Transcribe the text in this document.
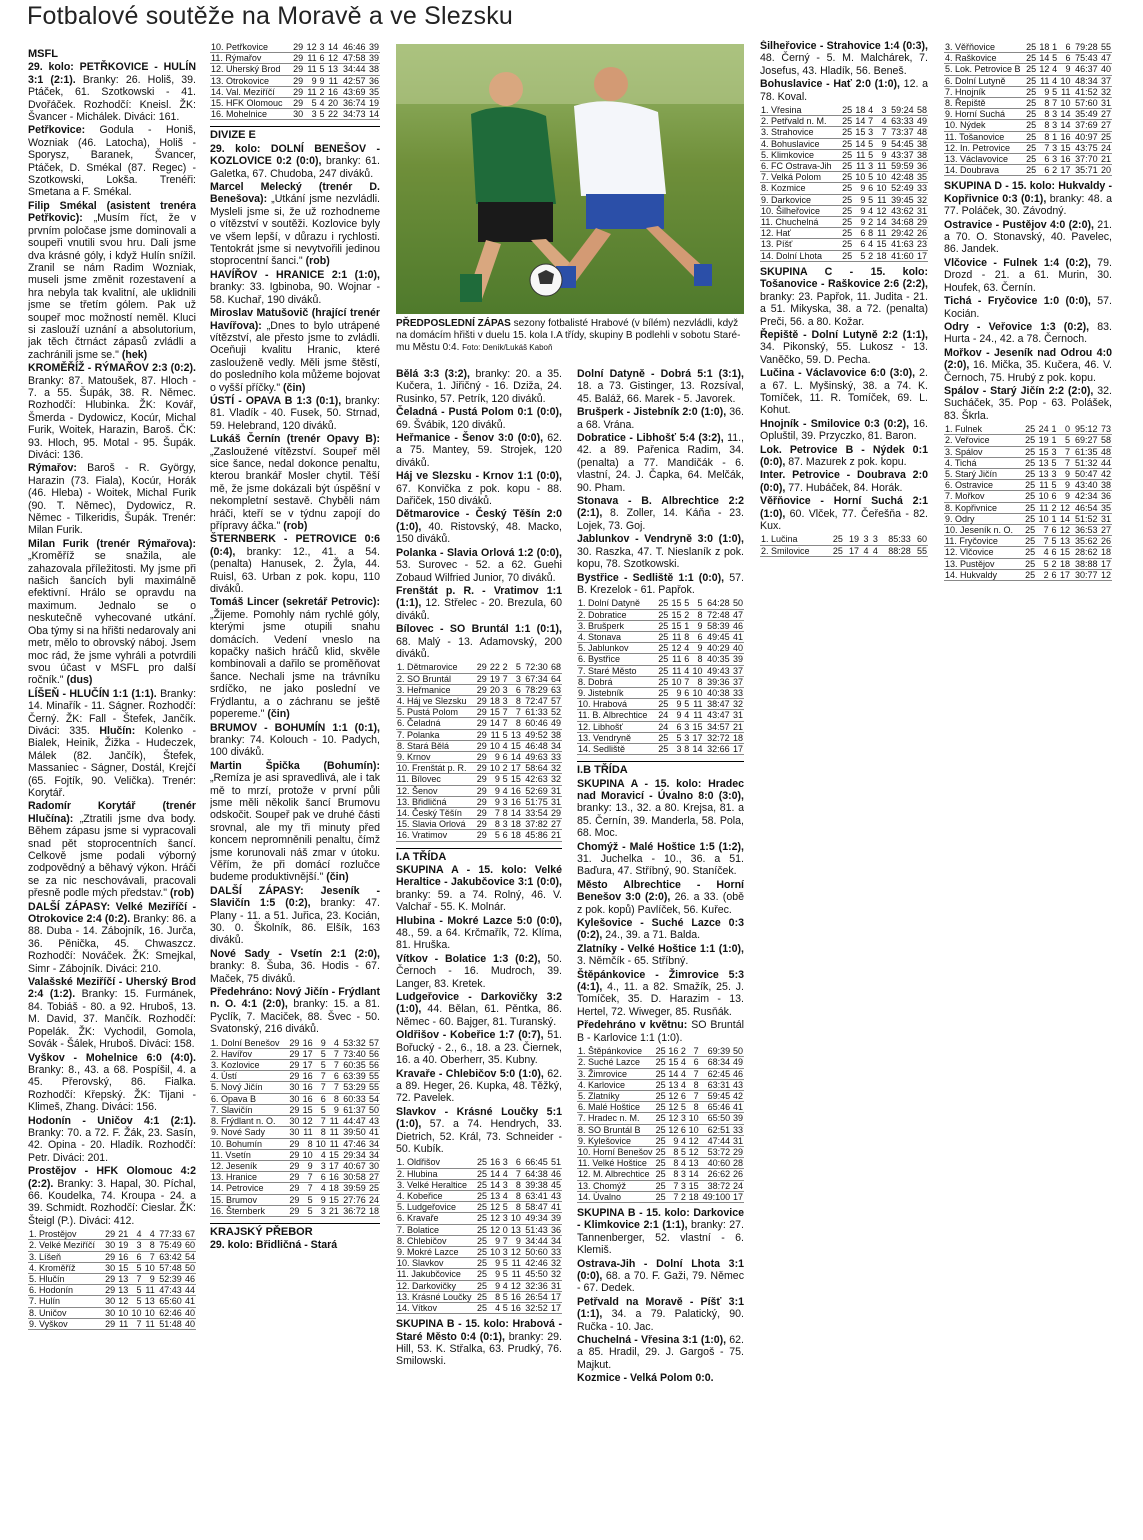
Fotbalové soutěže na Moravě a ve Slezsku
MSFL

29. kolo: PETŘKOVICE - HULÍN 3:1 (2:1). Branky: 26. Holiš, 39. Ptáček, 61. Szotkowski - 41. Dvořáček. Rozhodčí: Kneisl. ŽK: Švancer - Michálek. Diváci: 161.

Petřkovice: Godula - Honiš, Wozniak (46. Latocha), Holiš - Sporysz, Baranek, Švancer, Ptáček, D. Smékal (87. Regec) - Szotkowski, Lokša. Trenéři: Smetana a F. Smékal.

Filip Smékal (asistent trenéra Petřkovic): „Musím říct, že v prvním poločase jsme dominovali a soupeři vnutili svou hru. Dali jsme dva krásné góly, i když Hulín snížil. Zranil se nám Radim Wozniak, museli jsme změnit rozestavení a hra nebyla tak kvalitní, ale uklidnili jsme se třetím gólem. Pak už soupeř moc možností neměl. Kluci si zaslouží uznání a absolutorium, jak těch čtrnáct zápasů zvládli a zachránili jsme se." (hek)

KROMĚŘÍŽ - RÝMAŘOV 2:3 (0:2). Branky: 87. Matoušek, 87. Hloch - 7. a 55. Šupák, 38. R. Němec. Rozhodčí: Hlubinka. ŽK: Kovář, Šmerda - Dydowicz, Kocúr, Michal Furik, Woitek, Harazin, Baroš. ČK: 93. Hloch, 95. Motal - 95. Šupák. Diváci: 136.

Rýmařov: Baroš - R. György, Harazin (73. Fiala), Kocúr, Horák (46. Hleba) - Woitek, Michal Furik (90. T. Němec), Dydowicz, R. Němec - Tilkeridis, Šupák. Trenér: Milan Furik.

Milan Furik (trenér Rýmařova): „Kroměříž se snažila, ale zahazovala příležitosti. My jsme při našich šancích byli maximálně efektivní. Hrálo se opravdu na maximum. Jednalo se o neskutečně vyhecované utkání. Oba týmy si na hřišti nedarovaly ani metr, mělo to obrovský náboj. Jsem moc rád, že jsme vyhráli a potvrdili svou účast v MSFL pro další ročník." (dus)

LÍŠEŇ - HLUČÍN 1:1 (1:1). Branky: 14. Minařík - 11. Ságner. Rozhodčí: Černý. ŽK: Fall - Štefek, Jančík. Diváci: 335. Hlučín: Kolenko - Bialek, Heinik, Žižka - Hudeczek, Málek (82. Jančík), Štefek, Massaniec - Ságner, Dostál, Krejčí (65. Fojtík, 90. Velička). Trenér: Korytář.

Radomír Korytář (trenér Hlučína): „Ztratili jsme dva body. Během zápasu jsme si vypracovali snad pět stoprocentních šancí. Celkově jsme podali výborný zodpovědný a běhavý výkon. Hráči se za nic neschovávali, pracovali přesně podle mých představ." (rob)

DALŠÍ ZÁPASY: Velké Meziříčí - Otrokovice 2:4 (0:2). Branky: 86. a 88. Duba - 14. Zábojník, 16. Jurča, 36. Pěnička, 45. Chwaszcz. Rozhodčí: Nováček. ŽK: Smejkal, Simr - Zábojník. Diváci: 210.

Valašské Meziříčí - Uherský Brod 2:4 (1:2). Branky: 15. Furmánek, 84. Tobiáš - 80. a 92. Hruboš, 13. M. David, 37. Mančík. Rozhodčí: Popelák. ŽK: Vychodil, Gomola, Sovák - Šálek, Hruboš. Diváci: 158.

Vyškov - Mohelnice 6:0 (4:0). Branky: 8., 43. a 68. Pospíšil, 4. a 45. Přerovský, 86. Fialka. Rozhodčí: Křepský. ŽK: Tijani - Klimeš, Zhang. Diváci: 156.

Hodonín - Uničov 4:1 (2:1). Branky: 70. a 72. F. Žák, 23. Sasín, 42. Opina - 20. Hladík. Rozhodčí: Petr. Diváci: 201.

Prostějov - HFK Olomouc 4:2 (2:2). Branky: 3. Hapal, 30. Píchal, 66. Koudelka, 74. Kroupa - 24. a 39. Schmidt. Rozhodčí: Cieslar. ŽK: Šteigl (P.). Diváci: 412.

1. Prostějov	29	21	4	4	77:33	67
2. Velké Meziříčí	30	19	3	8	75:49	60
3. Líšeň	29	16	6	7	63:42	54
4. Kroměříž	30	15	5	10	57:48	50
5. Hlučín	29	13	7	9	52:39	46
6. Hodonín	29	13	5	11	47:43	44
7. Hulín	30	12	5	13	65:60	41
8. Uničov	30	10	10	10	62:46	40
9. Vyškov	29	11	7	11	51:48	40
10. Petřkovice	29	12	3	14	46:46	39
11. Rýmařov	29	11	6	12	47:58	39
12. Uherský Brod	29	11	5	13	34:44	38
13. Otrokovice	29	9	9	11	42:57	36
14. Val. Meziříčí	29	11	2	16	43:69	35
15. HFK Olomouc	29	5	4	20	36:74	19
16. Mohelnice	30	3	5	22	34:73	14
DIVIZE E

29. kolo: DOLNÍ BENEŠOV - KOZLOVICE 0:2 (0:0), branky: 61. Galetka, 67. Chudoba, 247 diváků.

Marcel Melecký (trenér D. Benešova): „Utkání jsme nezvládli. Mysleli jsme si, že už rozhodneme o vítězství v soutěži. Kozlovice byly ve všem lepší, v důrazu i rychlosti. Tentokrát jsme si nevytvořili jedinou stoprocentní šanci." (rob)

HAVÍŘOV - HRANICE 2:1 (1:0), branky: 33. Igbinoba, 90. Wojnar - 58. Kuchař, 190 diváků.

Miroslav Matušovič (hrající trenér Havířova): „Dnes to bylo utrápené vítězství, ale přesto jsme to zvládli. Oceňuji kvalitu Hranic, které zaslouženě vedly. Měli jsme štěstí, do posledního kola můžeme bojovat o vyšší příčky." (čin)

ÚSTÍ - OPAVA B 1:3 (0:1), branky: 81. Vladík - 40. Fusek, 50. Strnad, 59. Helebrand, 120 diváků.

Lukáš Černín (trenér Opavy B): „Zasloužené vítězství. Soupeř měl sice šance, nedal dokonce penaltu, kterou brankář Mosler chytil. Těší mě, že jsme dokázali být úspěšní v nekompletní sestavě. Chyběli nám hráči, kteří se v týdnu zapojí do přípravy áčka." (rob)

ŠTERNBERK - PETROVICE 0:6 (0:4), branky: 12., 41. a 54. (penalta) Hanusek, 2. Žyla, 44. Ruisl, 63. Urban z pok. kopu, 110 diváků.

Tomáš Lincer (sekretář Petrovic): „Žijeme. Pomohly nám rychlé góly, kterými jsme otupili snahu domácích. Vedení vneslo na kopačky našich hráčů klid, skvěle kombinovali a dařilo se proměňovat šance. Nechali jsme na trávníku srdíčko, ne jako poslední ve Frýdlantu, a o záchranu se ještě popereme." (čin)

BRUMOV - BOHUMÍN 1:1 (0:1), branky: 74. Kolouch - 10. Padych, 100 diváků.

Martin Špička (Bohumín): „Remíza je asi spravedlivá, ale i tak mě to mrzí, protože v první půli jsme měli několik šancí Brumovu odskočit. Soupeř pak ve druhé části srovnal, ale my tři minuty před koncem nepromněnili penaltu, čímž jsme korunovali náš zmar v útoku. Věřím, že při domácí rozlučce budeme produktivnější." (čin)

DALŠÍ ZÁPASY: Jeseník - Slavičín 1:5 (0:2), branky: 47. Plany - 11. a 51. Juřica, 23. Kocián, 30. 0. Školník, 86. Elšík, 163 diváků.

Nové Sady - Vsetín 2:1 (2:0), branky: 8. Šuba, 36. Hodis - 67. Maček, 75 diváků.

Předehráno: Nový Jičín - Frýdlant n. O. 4:1 (2:0), branky: 15. a 81. Pyclík, 7. Maciček, 88. Švec - 50. Svatonský, 216 diváků.

1. Dolní Benešov	29	16	9	4	53:32	57
2. Havířov	29	17	5	7	73:40	56
3. Kozlovice	29	17	5	7	60:35	56
4. Ústí	29	16	7	6	63:39	55
5. Nový Jičín	30	16	7	7	53:29	55
6. Opava B	30	16	6	8	60:33	54
7. Slavičín	29	15	5	9	61:37	50
8. Frýdlant n. O.	30	12	7	11	44:47	43
9. Nové Sady	30	11	8	11	39:50	41
10. Bohumín	29	8	10	11	47:46	34
11. Vsetín	29	10	4	15	29:34	34
12. Jeseník	29	9	3	17	40:67	30
13. Hranice	29	7	6	16	30:58	27
14. Petrovice	29	7	4	18	39:59	25
15. Brumov	29	5	9	15	27:76	24
16. Šternberk	29	5	3	21	36:72	18
KRAJSKÝ PŘEBOR

29. kolo: Břidličná - Stará

PŘEDPOSLEDNÍ ZÁPAS sezony fotbalisté Hrabové (v bílém) nezvládli, když na domácím hřišti v duelu 15. kola I.A třídy, skupiny B podlehli v sobotu Staré-mu Městu 0:4. Foto: Deník/Lukáš Kaboň

Bělá 3:3 (3:2), branky: 20. a 35. Kučera, 1. Jiřičný - 16. Dziža, 24. Rusinko, 57. Petrík, 120 diváků.

Čeladná - Pustá Polom 0:1 (0:0), 69. Švábik, 120 diváků.

Heřmanice - Šenov 3:0 (0:0), 62. a 75. Mantey, 59. Strojek, 120 diváků.

Háj ve Slezsku - Krnov 1:1 (0:0), 67. Konvička z pok. kopu - 88. Dařiček, 150 diváků.

Dětmarovice - Český Těšín 2:0 (1:0), 40. Ristovský, 48. Macko, 150 diváků.

Polanka - Slavia Orlová 1:2 (0:0), 53. Surovec - 52. a 62. Guehi Zobaud Wilfried Junior, 70 diváků.

Frenštát p. R. - Vratimov 1:1 (1:1), 12. Střelec - 20. Brezula, 60 diváků.

Bílovec - SO Bruntál 1:1 (0:1), 68. Malý - 13. Adamovský, 200 diváků.

1. Dětmarovice	29	22	2	5	72:30	68
2. SO Bruntál	29	19	7	3	67:34	64
3. Heřmanice	29	20	3	6	78:29	63
4. Háj ve Slezsku	29	18	3	8	72:47	57
5. Pustá Polom	29	15	7	7	61:33	52
6. Čeladná	29	14	7	8	60:46	49
7. Polanka	29	11	5	13	49:52	38
8. Stará Bělá	29	10	4	15	46:48	34
9. Krnov	29	9	6	14	49:63	33
10. Frenštát p. R.	29	10	2	17	58:64	32
11. Bílovec	29	9	5	15	42:63	32
12. Šenov	29	9	4	16	52:69	31
13. Břidličná	29	9	3	16	51:75	31
14. Český Těšín	29	7	8	14	33:54	29
15. Slavia Orlová	29	8	3	18	37:82	27
16. Vratimov	29	5	6	18	45:86	21
I.A TŘÍDA

SKUPINA A - 15. kolo: Velké Heraltice - Jakubčovice 3:1 (0:0), branky: 59. a 74. Rolný, 46. V. Valchař - 55. K. Molnár.

Hlubina - Mokré Lazce 5:0 (0:0), 48., 59. a 64. Krčmařík, 72. Klíma, 81. Hruška.

Vítkov - Bolatice 1:3 (0:2), 50. Černoch - 16. Mudroch, 39. Langer, 83. Kretek.

Ludgeřovice - Darkovičky 3:2 (1:0), 44. Bělan, 61. Pěntka, 86. Němec - 60. Bajger, 81. Turanský.

Oldřišov - Kobeřice 1:7 (0:7), 51. Bořucký - 2., 6., 18. a 23. Čiernek, 16. a 40. Oberherr, 35. Kubny.

Kravaře - Chlebičov 5:0 (1:0), 62. a 89. Heger, 26. Kupka, 48. Těžký, 72. Pavelek.

Slavkov - Krásné Loučky 5:1 (1:0), 57. a 74. Hendrych, 33. Dietrich, 52. Král, 73. Schneider - 50. Kubík.

1. Oldřišov	25	16	3	6	66:45	51
2. Hlubina	25	14	4	7	64:38	46
3. Velké Heraltice	25	14	3	8	39:38	45
4. Kobeřice	25	13	4	8	63:41	43
5. Ludgeřovice	25	12	5	8	58:47	41
6. Kravaře	25	12	3	10	49:34	39
7. Bolatice	25	12	0	13	51:43	36
8. Chlebičov	25	9	7	9	34:44	34
9. Mokré Lazce	25	10	3	12	50:60	33
10. Slavkov	25	9	5	11	42:46	32
11. Jakubčovice	25	9	5	11	45:50	32
12. Darkovičky	25	9	4	12	32:36	31
13. Krásné Loučky	25	8	5	16	26:54	17
14. Vítkov	25	4	5	16	32:52	17

SKUPINA B - 15. kolo: Hrabová - Staré Město 0:4 (0:1), branky: 29. Hill, 53. K. Střalka, 63. Prudký, 76. Smilowski.

Dolní Datyně - Dobrá 5:1 (3:1), 18. a 73. Gistinger, 13. Rozsíval, 45. Baláž, 66. Marek - 5. Javorek.

Brušperk - Jistebník 2:0 (1:0), 36. a 68. Vrána.

Dobratice - Libhošť 5:4 (3:2), 11., 42. a 89. Pařenica Radim, 34. (penalta) a 77. Mandičák - 6. vlastní, 24. J. Čapka, 64. Melčák, 90. Pham.

Stonava - B. Albrechtice 2:2 (2:1), 8. Zoller, 14. Káňa - 23. Lojek, 73. Goj.

Jablunkov - Vendryně 3:0 (1:0), 30. Raszka, 47. T. Nieslaník z pok. kopu, 78. Szotkowski.

Bystřice - Sedliště 1:1 (0:0), 57. B. Krezelok - 61. Papřok.

1. Dolní Datyně	25	15	5	5	64:28	50
2. Dobratice	25	15	2	8	72:48	47
3. Brušperk	25	15	1	9	58:39	46
4. Stonava	25	11	8	6	49:45	41
5. Jablunkov	25	12	4	9	40:29	40
6. Bystřice	25	11	6	8	40:35	39
7. Staré Město	25	11	4	10	49:43	37
8. Dobrá	25	10	7	8	39:36	37
9. Jistebník	25	9	6	10	40:38	33
10. Hrabová	25	9	5	11	38:47	32
11. B. Albrechtice	24	9	4	11	43:47	31
12. Libhošť	24	6	3	15	34:57	21
13. Vendryně	25	5	3	17	32:72	18
14. Sedliště	25	3	8	14	32:66	17
I.B TŘÍDA

SKUPINA A - 15. kolo: Hradec nad Moravicí - Úvalno 8:0 (3:0), branky: 13., 32. a 80. Krejsa, 81. a 85. Černín, 39. Manderla, 58. Pola, 68. Moc.

Chomýž - Malé Hoštice 1:5 (1:2), 31. Juchelka - 10., 36. a 51. Baďura, 47. Stříbný, 90. Staníček.

Město Albrechtice - Horní Benešov 3:0 (2:0), 26. a 33. (obě z pok. kopů) Pavlíček, 56. Kuřec.

Kylešovice - Suché Lazce 0:3 (0:2), 24., 39. a 71. Balda.

Zlatníky - Velké Hoštice 1:1 (1:0), 3. Němčík - 65. Stříbný.

Štěpánkovice - Žimrovice 5:3 (4:1), 4., 11. a 82. Smažík, 25. J. Tomíček, 35. D. Harazim - 13. Hertel, 72. Wiweger, 85. Rusňák.

Předehráno v květnu: SO Bruntál B - Karlovice 1:1 (1:0).

1. Štěpánkovice	25	16	2	7	69:39	50
2. Suché Lazce	25	15	4	6	68:34	49
3. Žimrovice	25	14	4	7	62:45	46
4. Karlovice	25	13	4	8	63:31	43
5. Zlatníky	25	12	6	7	59:45	42
6. Malé Hoštice	25	12	5	8	65:46	41
7. Hradec n. M.	25	12	3	10	65:50	39
8. SO Bruntál B	25	12	6	10	62:51	33
9. Kylešovice	25	9	4	12	47:44	31
10. Horní Benešov	25	8	5	12	53:72	29
11. Velké Hoštice	25	8	4	13	40:60	28
12. M. Albrechtice	25	8	3	14	26:62	26
13. Chomýž	25	7	3	15	38:72	24
14. Úvalno	25	7	2	18	49:100	17

SKUPINA B - 15. kolo: Darkovice - Klimkovice 2:1 (1:1), branky: 27. Tannenberger, 52. vlastní - 6. Klemiš.

Ostrava-Jih - Dolní Lhota 3:1 (0:0), 68. a 70. F. Gaži, 79. Němec - 67. Dedek.

Petřvald na Moravě - Píšť 3:1 (1:1), 34. a 79. Palatický, 90. Ručka - 10. Jac.

Chuchelná - Vřesina 3:1 (1:0), 62. a 85. Hradil, 29. J. Gargoš - 75. Majkut.

Kozmice - Velká Polom 0:0.

Šilheřovice - Strahovice 1:4 (0:3), 48. Černý - 5. M. Malchárek, 7. Josefus, 43. Hladík, 56. Beneš.

Bohuslavice - Hať 2:0 (1:0), 12. a 78. Koval.

1. Vřesina	25	18	4	3	59:24	58
2. Petřvald n. M.	25	14	7	4	63:33	49
3. Strahovice	25	15	3	7	73:37	48
4. Bohuslavice	25	14	5	9	54:45	38
5. Klimkovice	25	11	5	9	43:37	38
6. FC Ostrava-Jih	25	11	3	11	59:59	36
7. Velká Polom	25	10	5	10	42:48	35
8. Kozmice	25	9	6	10	52:49	33
9. Darkovice	25	9	5	11	39:45	32
10. Šilheřovice	25	9	4	12	43:62	31
11. Chuchelná	25	9	2	14	34:68	29
12. Hať	25	6	8	11	29:42	26
13. Píšť	25	6	4	15	41:63	23
14. Dolní Lhota	25	5	2	18	41:60	17

SKUPINA C - 15. kolo: Tošanovice - Raškovice 2:6 (2:2), branky: 23. Papřok, 11. Judita - 21. a 51. Mikyska, 38. a 72. (penalta) Preči, 56. a 80. Kožar.

Řepiště - Dolní Lutyně 2:2 (1:1), 34. Pikonský, 55. Lukosz - 13. Vaněčko, 59. D. Pecha.

Lučina - Václavovice 6:0 (3:0), 2. a 67. L. Myšinský, 38. a 74. K. Tomíček, 11. R. Tomíček, 69. L. Kohut.

Hnojník - Smilovice 0:3 (0:2), 16. Opluštil, 39. Przyczko, 81. Baron.

Lok. Petrovice B - Nýdek 0:1 (0:0), 87. Mazurek z pok. kopu.

Inter. Petrovice - Doubrava 2:0 (0:0), 77. Hubáček, 84. Horák.

Věřňovice - Horní Suchá 2:1 (1:0), 60. Vlček, 77. Čeřešňa - 82. Kux.

1. Lučina	25	19	3	3	85:33	60
2. Smilovice	25	17	4	4	88:28	55
3. Věřňovice	25	18	1	6	79:28	55
4. Raškovice	25	14	5	6	75:43	47
5. Lok. Petrovice B	25	12	4	9	46:37	40
6. Dolní Lutyně	25	11	4	10	48:34	37
7. Hnojník	25	9	5	11	41:52	32
8. Řepiště	25	8	7	10	57:60	31
9. Horní Suchá	25	8	3	14	35:49	27
10. Nýdek	25	8	3	14	37:69	27
11. Tošanovice	25	8	1	16	40:97	25
12. In. Petrovice	25	7	3	15	43:75	24
13. Václavovice	25	6	3	16	37:70	21
14. Doubrava	25	6	2	17	35:71	20

SKUPINA D - 15. kolo: Hukvaldy - Kopřivnice 0:3 (0:1), branky: 48. a 77. Poláček, 30. Závodný.

Ostravice - Pustějov 4:0 (2:0), 21. a 70. O. Stonavský, 40. Pavelec, 86. Jandek.

Vlčovice - Fulnek 1:4 (0:2), 79. Drozd - 21. a 61. Murin, 30. Houfek, 63. Černín.

Tichá - Fryčovice 1:0 (0:0), 57. Kocián.

Odry - Veřovice 1:3 (0:2), 83. Hurta - 24., 42. a 78. Černoch.

Mořkov - Jeseník nad Odrou 4:0 (2:0), 16. Mička, 35. Kučera, 46. V. Černoch, 75. Hrubý z pok. kopu.

Spálov - Starý Jičín 2:2 (2:0), 32. Sucháček, 35. Pop - 63. Polášek, 83. Škrla.

1. Fulnek	25	24	1	0	95:12	73
2. Veřovice	25	19	1	5	69:27	58
3. Spálov	25	15	3	7	61:35	48
4. Tichá	25	13	5	7	51:32	44
5. Starý Jičín	25	13	3	9	50:47	42
6. Ostravice	25	11	5	9	43:40	38
7. Mořkov	25	10	6	9	42:34	36
8. Kopřivnice	25	11	2	12	46:54	35
9. Odry	25	10	1	14	51:52	31
10. Jeseník n. O.	25	7	6	12	36:53	27
11. Fryčovice	25	7	5	13	35:62	26
12. Vlčovice	25	4	6	15	28:62	18
13. Pustějov	25	5	2	18	38:88	17
14. Hukvaldy	25	2	6	17	30:77	12
